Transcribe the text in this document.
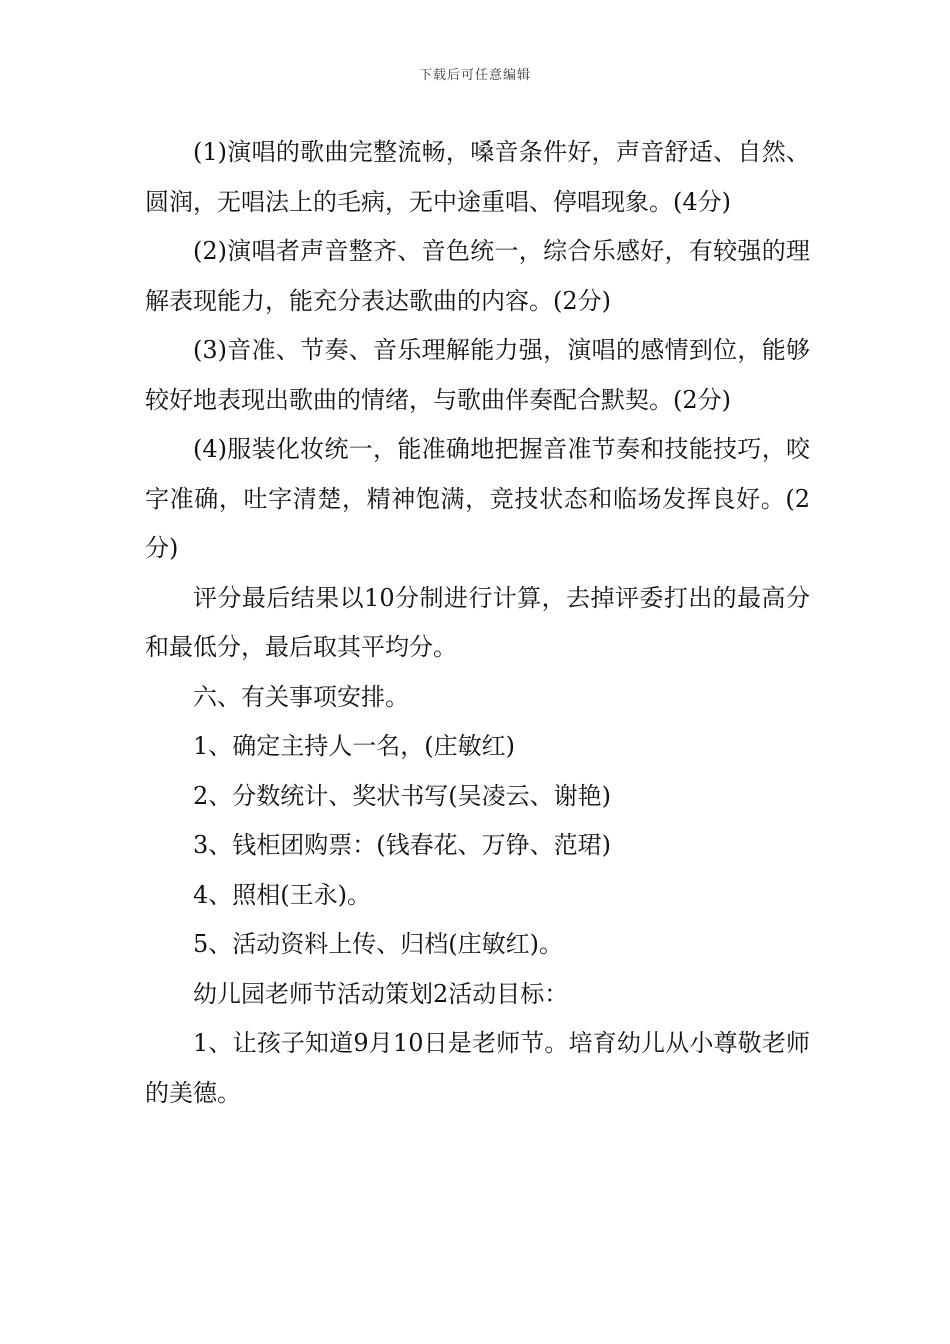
下载后可任意编辑

(1)演唱的歌曲完整流畅，嗓音条件好，声音舒适、自然、圆润，无唱法上的毛病，无中途重唱、停唱现象。(4分)

(2)演唱者声音整齐、音色统一，综合乐感好，有较强的理解表现能力，能充分表达歌曲的内容。(2分)

(3)音准、节奏、音乐理解能力强，演唱的感情到位，能够较好地表现出歌曲的情绪，与歌曲伴奏配合默契。(2分)

(4)服装化妆统一，能准确地把握音准节奏和技能技巧，咬字准确，吐字清楚，精神饱满，竞技状态和临场发挥良好。(2分)

评分最后结果以10分制进行计算，去掉评委打出的最高分和最低分，最后取其平均分。

六、有关事项安排。

1、确定主持人一名，(庄敏红)

2、分数统计、奖状书写(吴凌云、谢艳)

3、钱柜团购票：(钱春花、万铮、范珺)

4、照相(王永)。

5、活动资料上传、归档(庄敏红)。

幼儿园老师节活动策划2活动目标：

1、让孩子知道9月10日是老师节。培育幼儿从小尊敬老师的美德。
